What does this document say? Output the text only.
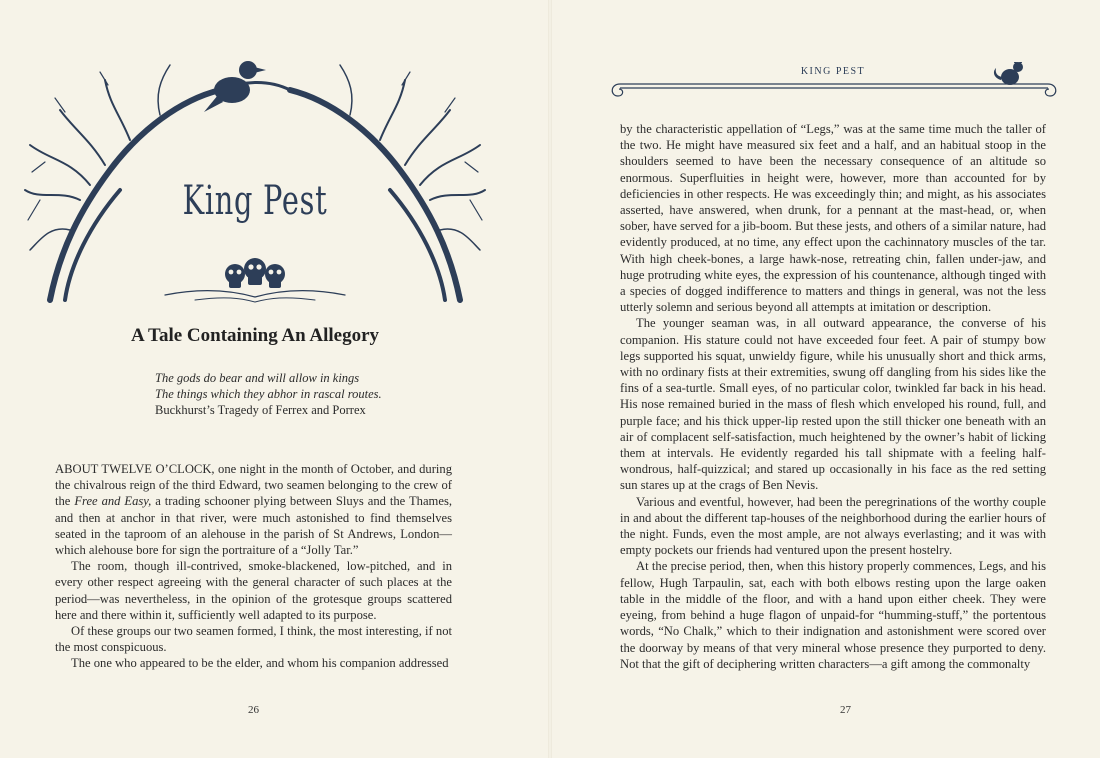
King Pest
A Tale Containing An Allegory
The gods do bear and will allow in kings
The things which they abhor in rascal routes.
Buckhurst’s Tragedy of Ferrex and Porrex

ABOUT TWELVE O’CLOCK, one night in the month of October, and during the chivalrous reign of the third Edward, two seamen belonging to the crew of the Free and Easy, a trading schooner plying between Sluys and the Thames, and then at anchor in that river, were much astonished to find themselves seated in the taproom of an alehouse in the parish of St Andrews, London—which alehouse bore for sign the portraiture of a “Jolly Tar.”

The room, though ill-contrived, smoke-blackened, low-pitched, and in every other respect agreeing with the general character of such places at the period—was nevertheless, in the opinion of the grotesque groups scattered here and there within it, sufficiently well adapted to its purpose.

Of these groups our two seamen formed, I think, the most interesting, if not the most conspicuous.

The one who appeared to be the elder, and whom his companion addressed

26
KING PEST

by the characteristic appellation of “Legs,” was at the same time much the taller of the two. He might have measured six feet and a half, and an habitual stoop in the shoulders seemed to have been the necessary consequence of an altitude so enormous. Superfluities in height were, however, more than accounted for by deficiencies in other respects. He was exceedingly thin; and might, as his associates asserted, have answered, when drunk, for a pennant at the mast-head, or, when sober, have served for a jib-boom. But these jests, and others of a similar nature, had evidently produced, at no time, any effect upon the cachinnatory muscles of the tar. With high cheek-bones, a large hawk-nose, retreating chin, fallen under-jaw, and huge protruding white eyes, the expression of his countenance, although tinged with a species of dogged indifference to matters and things in general, was not the less utterly solemn and serious beyond all attempts at imitation or description.

The younger seaman was, in all outward appearance, the converse of his companion. His stature could not have exceeded four feet. A pair of stumpy bow legs supported his squat, unwieldy figure, while his unusually short and thick arms, with no ordinary fists at their extremities, swung off dangling from his sides like the fins of a sea-turtle. Small eyes, of no particular color, twinkled far back in his head. His nose remained buried in the mass of flesh which enveloped his round, full, and purple face; and his thick upper-lip rested upon the still thicker one beneath with an air of complacent self-satisfaction, much heightened by the owner’s habit of licking them at intervals. He evidently regarded his tall shipmate with a feeling half-wondrous, half-quizzical; and stared up occasionally in his face as the red setting sun stares up at the crags of Ben Nevis.

Various and eventful, however, had been the peregrinations of the worthy couple in and about the different tap-houses of the neighborhood during the earlier hours of the night. Funds, even the most ample, are not always everlasting; and it was with empty pockets our friends had ventured upon the present hostelry.

At the precise period, then, when this history properly commences, Legs, and his fellow, Hugh Tarpaulin, sat, each with both elbows resting upon the large oaken table in the middle of the floor, and with a hand upon either cheek. They were eyeing, from behind a huge flagon of unpaid-for “humming-stuff,” the portentous words, “No Chalk,” which to their indignation and astonishment were scored over the doorway by means of that very mineral whose presence they purported to deny. Not that the gift of deciphering written characters—a gift among the commonalty

27
